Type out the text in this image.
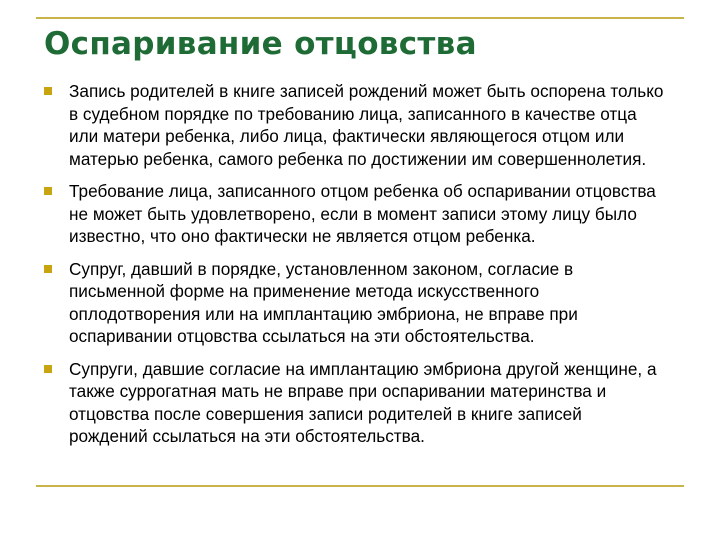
Оспаривание отцовства
Запись родителей в книге записей рождений может быть оспорена только в судебном порядке по требованию лица, записанного в качестве отца или матери ребенка, либо лица, фактически являющегося отцом или матерью ребенка, самого ребенка по достижении им совершеннолетия.
Требование лица, записанного отцом ребенка об оспаривании отцовства не может быть удовлетворено, если в момент записи этому лицу было известно, что оно фактически не является отцом ребенка.
Супруг, давший в порядке, установленном законом, согласие в письменной форме на применение метода искусственного оплодотворения или на имплантацию эмбриона, не вправе при оспаривании отцовства ссылаться на эти обстоятельства.
Супруги, давшие согласие на имплантацию эмбриона другой женщине, а также суррогатная мать не вправе при оспаривании материнства и отцовства после совершения записи родителей в книге записей рождений ссылаться на эти обстоятельства.
